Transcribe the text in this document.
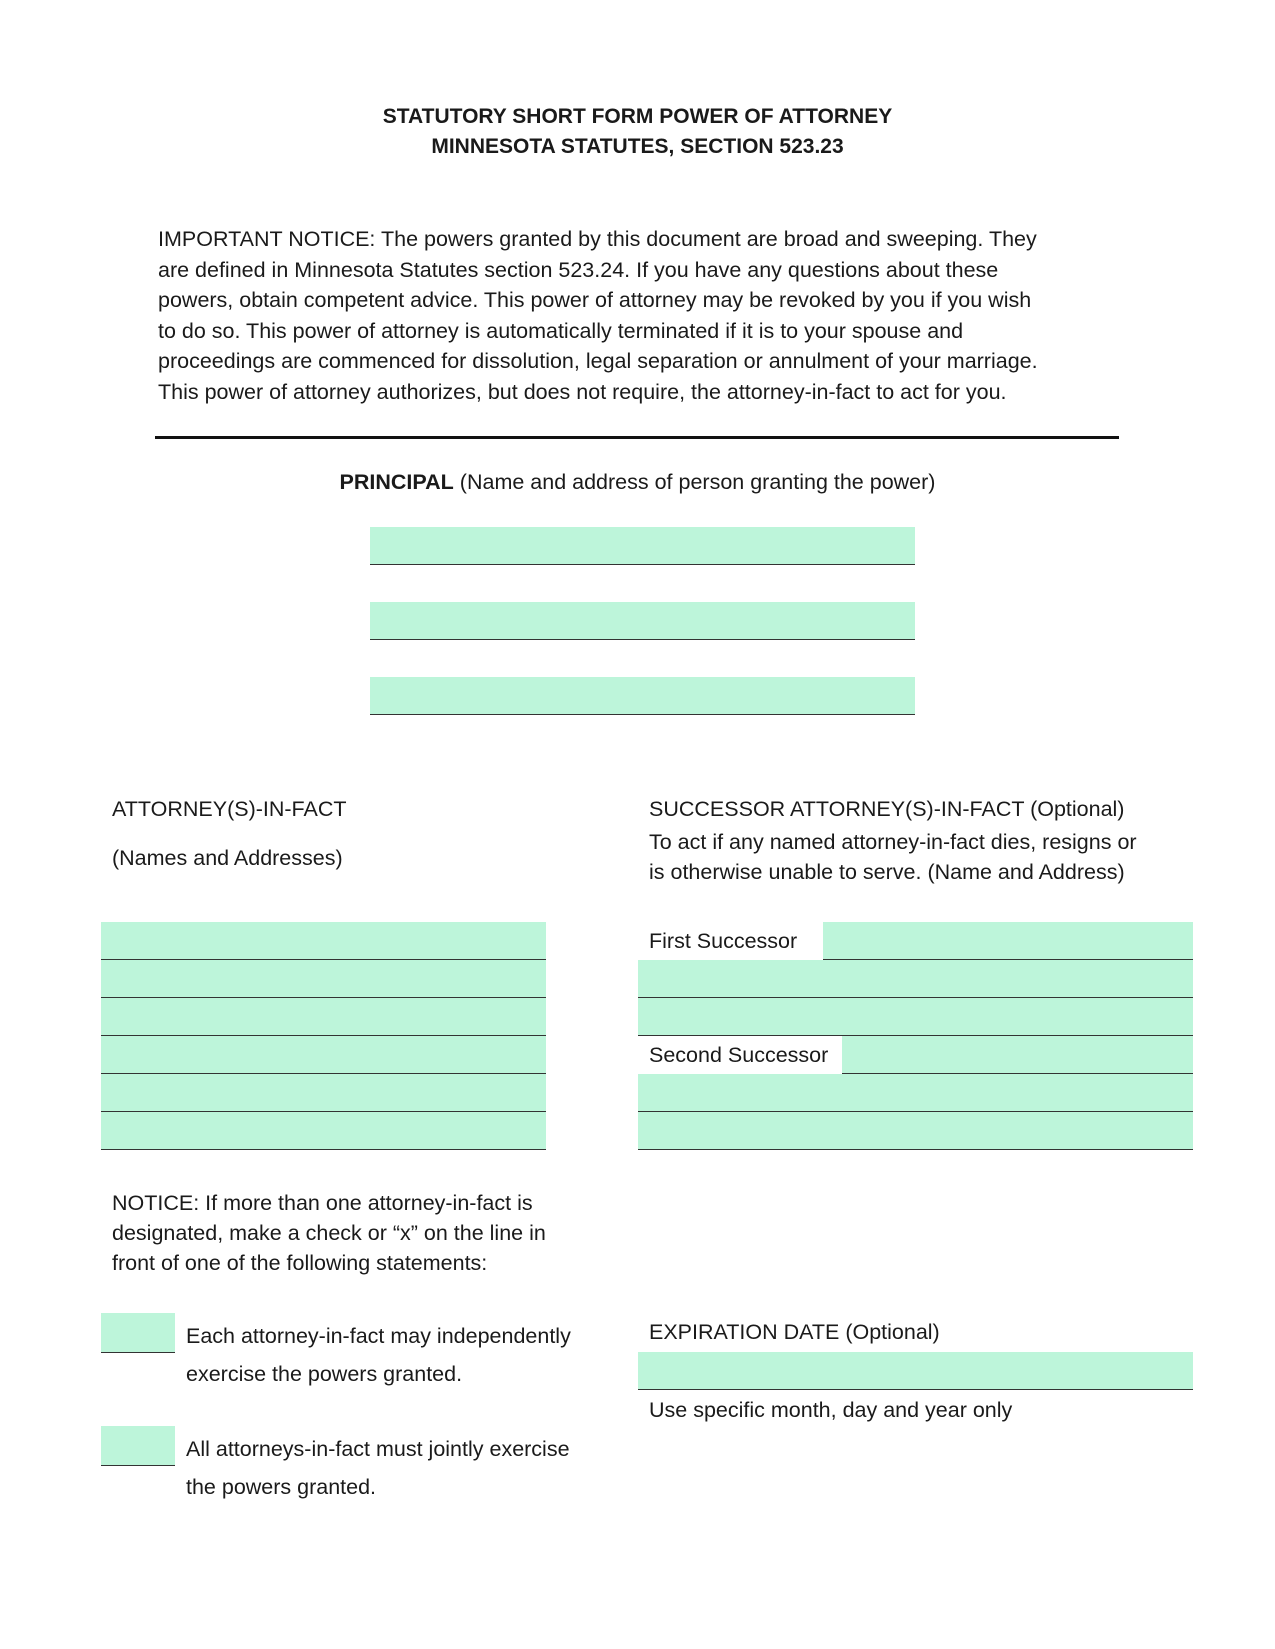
STATUTORY SHORT FORM POWER OF ATTORNEY
MINNESOTA STATUTES, SECTION 523.23
IMPORTANT NOTICE: The powers granted by this document are broad and sweeping. They
are defined in Minnesota Statutes section 523.24. If you have any questions about these
powers, obtain competent advice. This power of attorney may be revoked by you if you wish
to do so. This power of attorney is automatically terminated if it is to your spouse and
proceedings are commenced for dissolution, legal separation or annulment of your marriage.
This power of attorney authorizes, but does not require, the attorney-in-fact to act for you.
PRINCIPAL (Name and address of person granting the power)
ATTORNEY(S)-IN-FACT
(Names and Addresses)
SUCCESSOR ATTORNEY(S)-IN-FACT (Optional)
To act if any named attorney-in-fact dies, resigns or
is otherwise unable to serve. (Name and Address)
First Successor
Second Successor
NOTICE: If more than one attorney-in-fact is
designated, make a check or “x” on the line in
front of one of the following statements:
Each attorney-in-fact may independently
exercise the powers granted.
All attorneys-in-fact must jointly exercise
the powers granted.
EXPIRATION DATE (Optional)
Use specific month, day and year only
